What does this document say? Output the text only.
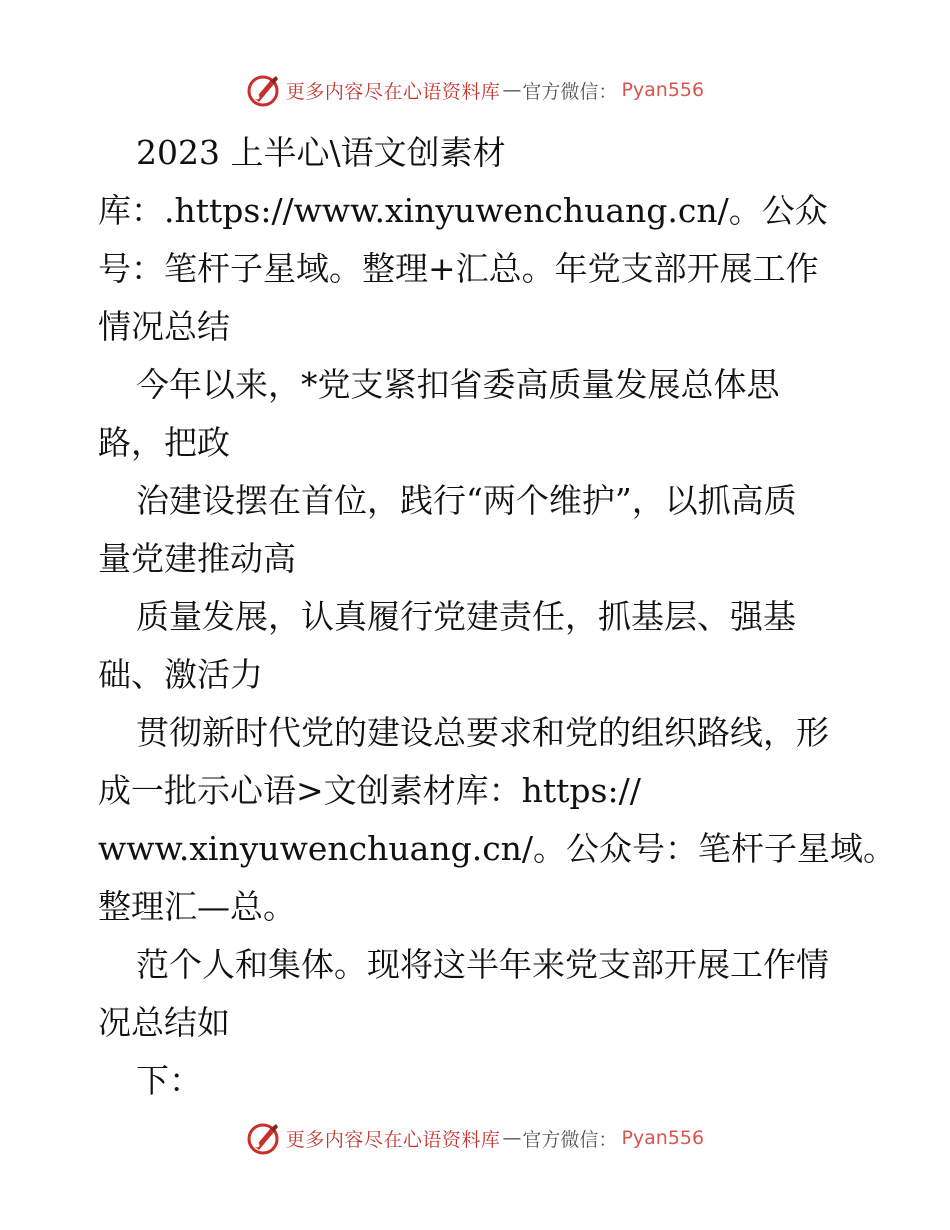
更多内容尽在心语资料库 — 官方微信： Pyan556

2023 上半心\语文创素材

库：.https://www.xinyuwenchuang.cn/。公众

号：笔杆子星域。整理+汇总。年党支部开展工作

情况总结

今年以来，*党支紧扣省委高质量发展总体思

路，把政

治建设摆在首位，践行“两个维护”，以抓高质

量党建推动高

质量发展，认真履行党建责任，抓基层、强基

础、激活力

贯彻新时代党的建设总要求和党的组织路线，形

成一批示心语>文创素材库：https://

www.xinyuwenchuang.cn/。公众号：笔杆子星域。

整理汇—总。

范个人和集体。现将这半年来党支部开展工作情

况总结如

下：

更多内容尽在心语资料库 — 官方微信： Pyan556
